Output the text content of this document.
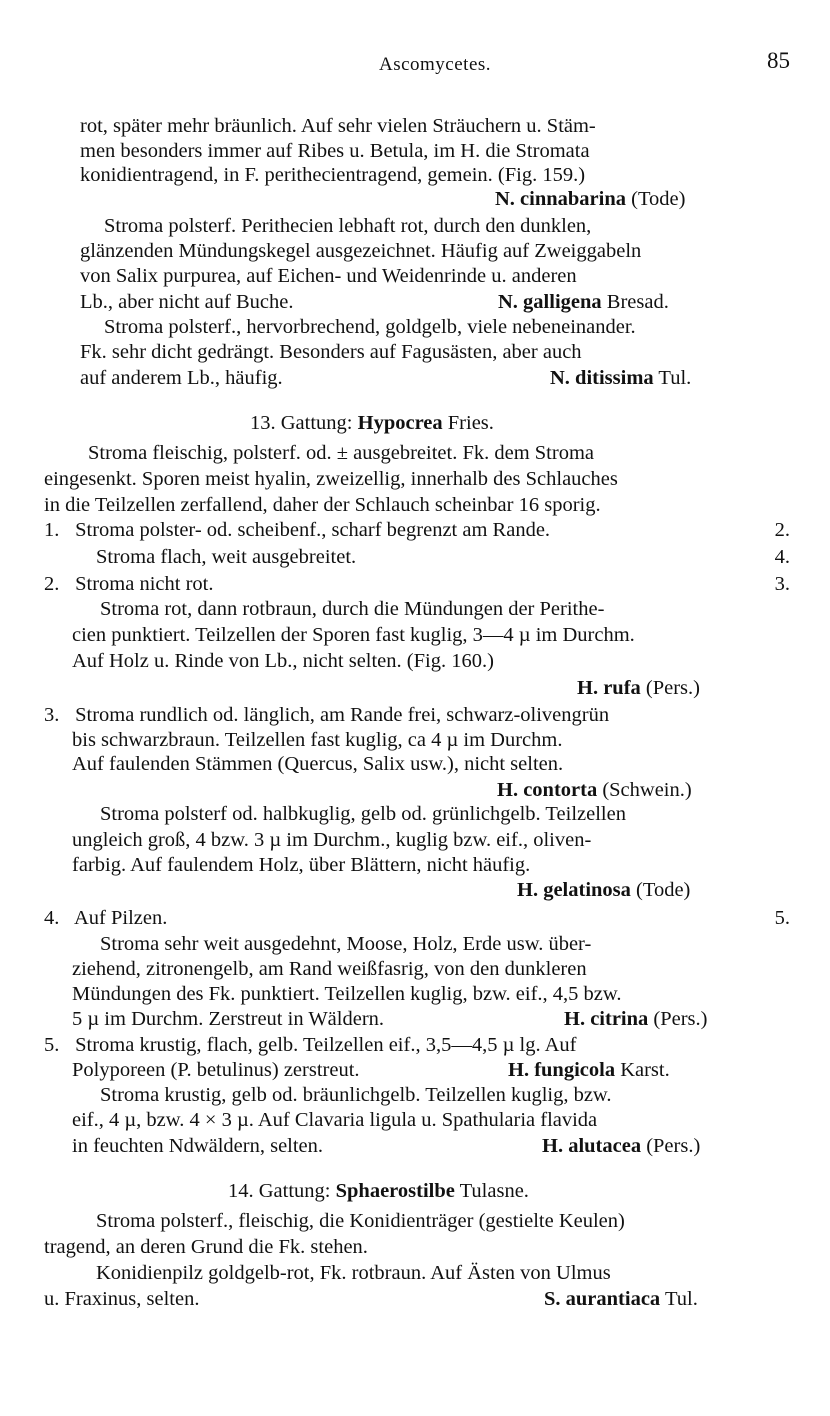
Ascomycetes.	85
rot, später mehr bräunlich. Auf sehr vielen Sträuchern u. Stäm-
men besonders immer auf Ribes u. Betula, im H. die Stromata
konidientragend, in F. perithecientragend, gemein. (Fig. 159.)
N. cinnabarina (Tode)
Stroma polsterf. Perithecien lebhaft rot, durch den dunklen,
glänzenden Mündungskegel ausgezeichnet. Häufig auf Zweiggabeln
von Salix purpurea, auf Eichen- und Weidenrinde u. anderen
Lb., aber nicht auf Buche.	N. galligena Bresad.
Stroma polsterf., hervorbrechend, goldgelb, viele nebeneinander.
Fk. sehr dicht gedrängt. Besonders auf Fagusästen, aber auch
auf anderem Lb., häufig.	N. ditissima Tul.
13. Gattung: Hypocrea Fries.
Stroma fleischig, polsterf. od. ± ausgebreitet. Fk. dem Stroma
eingesenkt. Sporen meist hyalin, zweizellig, innerhalb des Schlauches
in die Teilzellen zerfallend, daher der Schlauch scheinbar 16 sporig.
1. Stroma polster- od. scheibenf., scharf begrenzt am Rande.	2.
Stroma flach, weit ausgebreitet.	4.
2. Stroma nicht rot.	3.
Stroma rot, dann rotbraun, durch die Mündungen der Perithe-
cien punktiert. Teilzellen der Sporen fast kuglig, 3—4 µ im Durchm.
Auf Holz u. Rinde von Lb., nicht selten. (Fig. 160.)
H. rufa (Pers.)
3. Stroma rundlich od. länglich, am Rande frei, schwarz-olivengrün
bis schwarzbraun. Teilzellen fast kuglig, ca 4 µ im Durchm.
Auf faulenden Stämmen (Quercus, Salix usw.), nicht selten.
H. contorta (Schwein.)
Stroma polsterf od. halbkuglig, gelb od. grünlichgelb. Teilzellen
ungleich groß, 4 bzw. 3 µ im Durchm., kuglig bzw. eif., oliven-
farbig. Auf faulendem Holz, über Blättern, nicht häufig.
H. gelatinosa (Tode)
4. Auf Pilzen.	5.
Stroma sehr weit ausgedehnt, Moose, Holz, Erde usw. über-
ziehend, zitronengelb, am Rand weißfasrig, von den dunkleren
Mündungen des Fk. punktiert. Teilzellen kuglig, bzw. eif., 4,5 bzw.
5 µ im Durchm. Zerstreut in Wäldern.	H. citrina (Pers.)
5. Stroma krustig, flach, gelb. Teilzellen eif., 3,5—4,5 µ lg. Auf
Polyporeen (P. betulinus) zerstreut.	H. fungicola Karst.
Stroma krustig, gelb od. bräunlichgelb. Teilzellen kuglig, bzw.
eif., 4 µ, bzw. 4 × 3 µ. Auf Clavaria ligula u. Spathularia flavida
in feuchten Ndwäldern, selten.	H. alutacea (Pers.)
14. Gattung: Sphaerostilbe Tulasne.
Stroma polsterf., fleischig, die Konidienträger (gestielte Keulen)
tragend, an deren Grund die Fk. stehen.
Konidienpilz goldgelb-rot, Fk. rotbraun. Auf Ästen von Ulmus
u. Fraxinus, selten.	S. aurantiaca Tul.
